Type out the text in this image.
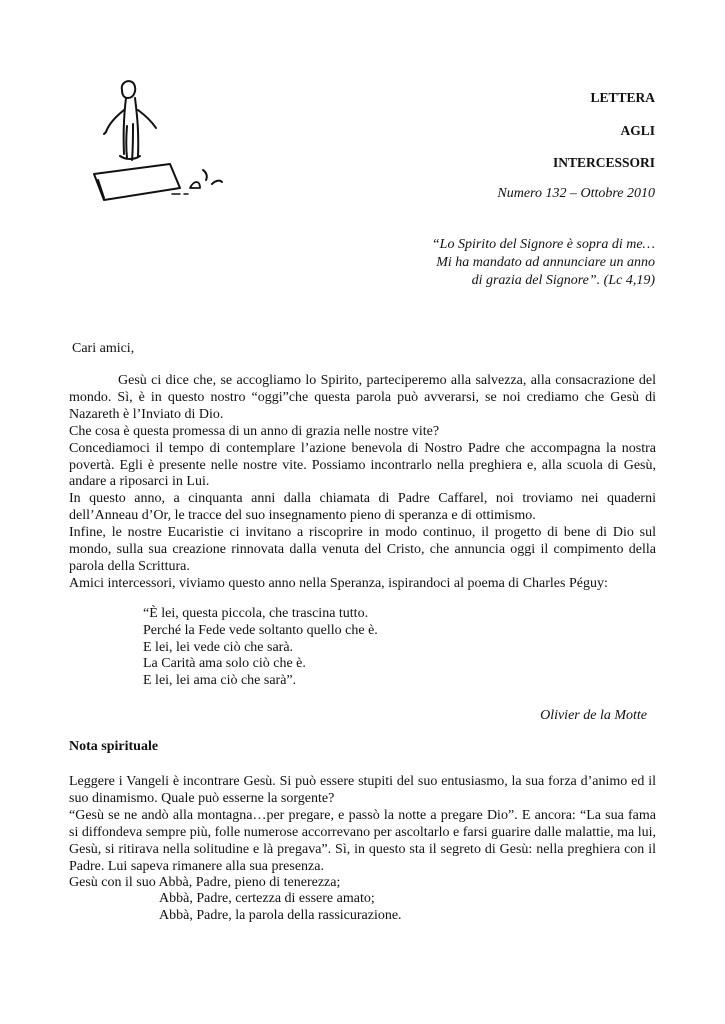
LETTERA
AGLI
INTERCESSORI
Numero 132 – Ottobre 2010
“Lo Spirito del Signore è sopra di me…
Mi ha mandato ad annunciare un anno
di grazia del Signore”. (Lc 4,19)
Cari amici,

Gesù ci dice che, se accogliamo lo Spirito, parteciperemo alla salvezza, alla consacrazione del mondo. Sì, è in questo nostro “oggi”che questa parola può avverarsi, se noi crediamo che Gesù di Nazareth è l’Inviato di Dio.

Che cosa è questa promessa di un anno di grazia nelle nostre vite?

Concediamoci il tempo di contemplare l’azione benevola di Nostro Padre che accompagna la nostra povertà. Egli è presente nelle nostre vite. Possiamo incontrarlo nella preghiera e, alla scuola di Gesù, andare a riposarci in Lui.

In questo anno, a cinquanta anni dalla chiamata di Padre Caffarel, noi troviamo nei quaderni dell’Anneau d’Or, le tracce del suo insegnamento pieno di speranza e di ottimismo.

Infine, le nostre Eucaristie ci invitano a riscoprire in modo continuo, il progetto di bene di Dio sul mondo, sulla sua creazione rinnovata dalla venuta del Cristo, che annuncia oggi il compimento della parola della Scrittura.

Amici intercessori, viviamo questo anno nella Speranza, ispirandoci al poema di Charles Péguy:

“È lei, questa piccola, che trascina tutto.
Perché la Fede vede soltanto quello che è.
E lei, lei vede ciò che sarà.
La Carità ama solo ciò che è.
E lei, lei ama ciò che sarà”.
Olivier de la Motte
Nota spirituale

Leggere i Vangeli è incontrare Gesù. Si può essere stupiti del suo entusiasmo, la sua forza d’animo ed il suo dinamismo. Quale può esserne la sorgente?

“Gesù se ne andò alla montagna…per pregare, e passò la notte a pregare Dio”. E ancora: “La sua fama si diffondeva sempre più, folle numerose accorrevano per ascoltarlo e farsi guarire dalle malattie, ma lui, Gesù, si ritirava nella solitudine e là pregava”. Sì, in questo sta il segreto di Gesù: nella preghiera con il Padre. Lui sapeva rimanere alla sua presenza.

Gesù con il suo Abbà, Padre, pieno di tenerezza;

Abbà, Padre, certezza di essere amato;
Abbà, Padre, la parola della rassicurazione.
